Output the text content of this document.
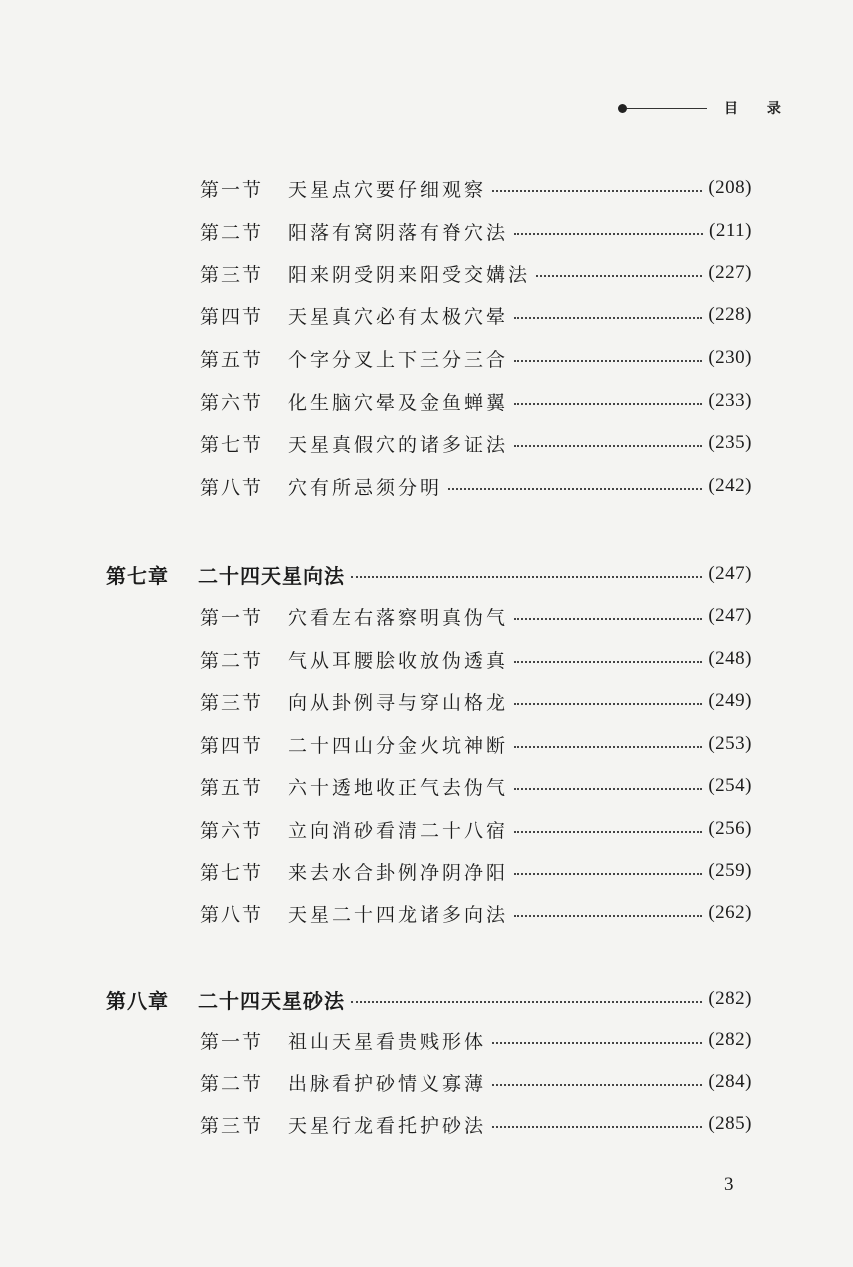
目 录
第一节	天星点穴要仔细观察	(208)
第二节	阳落有窝阴落有脊穴法	(211)
第三节	阳来阴受阴来阳受交媾法	(227)
第四节	天星真穴必有太极穴晕	(228)
第五节	个字分叉上下三分三合	(230)
第六节	化生脑穴晕及金鱼蝉翼	(233)
第七节	天星真假穴的诸多证法	(235)
第八节	穴有所忌须分明	(242)
第七章	二十四天星向法	(247)
第一节	穴看左右落察明真伪气	(247)
第二节	气从耳腰脍收放伪透真	(248)
第三节	向从卦例寻与穿山格龙	(249)
第四节	二十四山分金火坑神断	(253)
第五节	六十透地收正气去伪气	(254)
第六节	立向消砂看清二十八宿	(256)
第七节	来去水合卦例净阴净阳	(259)
第八节	天星二十四龙诸多向法	(262)
第八章	二十四天星砂法	(282)
第一节	祖山天星看贵贱形体	(282)
第二节	出脉看护砂情义寡薄	(284)
第三节	天星行龙看托护砂法	(285)
3
